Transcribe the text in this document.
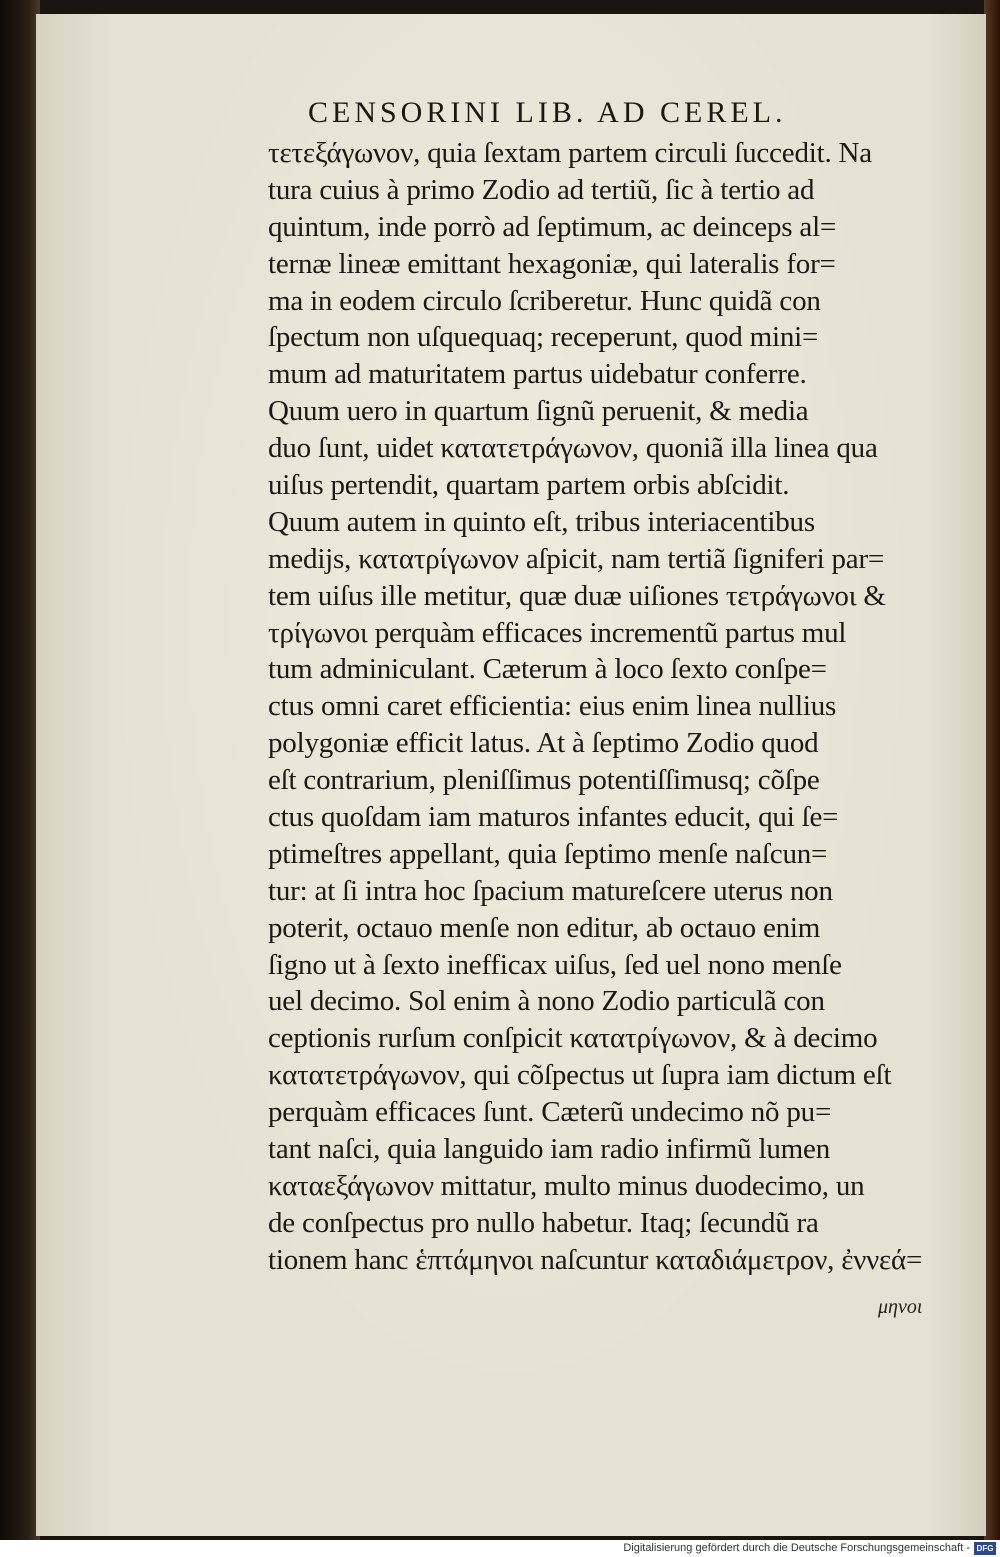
CENSORINI LIB. AD CEREL.
τετεξάγωνον, quia ſextam partem circuli ſuccedit. Na
tura cuius à primo Zodio ad tertiũ, ſic à tertio ad
quintum, inde porrò ad ſeptimum, ac deinceps al=
ternæ lineæ emittant hexagoniæ, qui lateralis for=
ma in eodem circulo ſcriberetur. Hunc quidã con
ſpectum non uſquequaq; receperunt, quod mini=
mum ad maturitatem partus uidebatur conferre.
Quum uero in quartum ſignũ peruenit, & media
duo ſunt, uidet κατατετράγωνον, quoniã illa linea qua
uiſus pertendit, quartam partem orbis abſcidit.
Quum autem in quinto eſt, tribus interiacentibus
medijs, κατατρίγωνον aſpicit, nam tertiã ſigniferi par=
tem uiſus ille metitur, quæ duæ uiſiones τετράγωνοι &
τρίγωνοι perquàm efficaces incrementũ partus mul
tum adminiculant. Cæterum à loco ſexto conſpe=
ctus omni caret efficientia: eius enim linea nullius
polygoniæ efficit latus. At à ſeptimo Zodio quod
eſt contrarium, pleniſſimus potentiſſimusq; cõſpe
ctus quoſdam iam maturos infantes educit, qui ſe=
ptimeſtres appellant, quia ſeptimo menſe naſcun=
tur: at ſi intra hoc ſpacium matureſcere uterus non
poterit, octauo menſe non editur, ab octauo enim
ſigno ut à ſexto inefficax uiſus, ſed uel nono menſe
uel decimo. Sol enim à nono Zodio particulã con
ceptionis rurſum conſpicit κατατρίγωνον, & à decimo
κατατετράγωνον, qui cõſpectus ut ſupra iam dictum eſt
perquàm efficaces ſunt. Cæterũ undecimo nõ pu=
tant naſci, quia languido iam radio infirmũ lumen
καταεξάγωνον mittatur, multo minus duodecimo, un
de conſpectus pro nullo habetur. Itaq; ſecundũ ra
tionem hanc ἑπτάμηνοι naſcuntur καταδιάμετρον, ἐννεά=
μηνοι
Digitalisierung gefördert durch die Deutsche Forschungsgemeinschaft - DFG
